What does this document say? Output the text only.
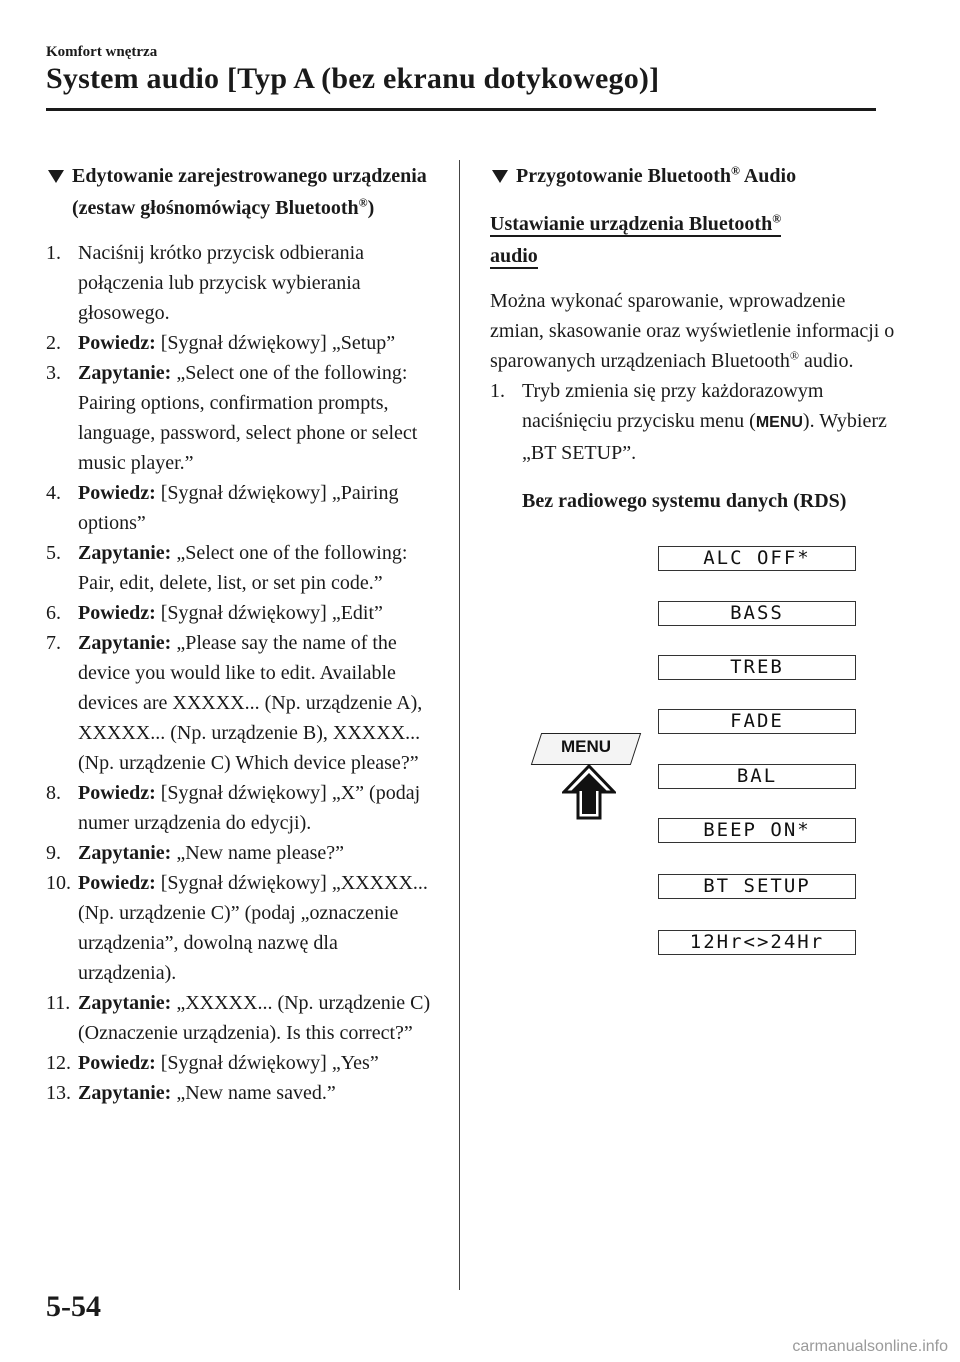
Komfort wnętrza
System audio [Typ A (bez ekranu dotykowego)]
Edytowanie zarejestrowanego urządzenia (zestaw głośnomówiący Bluetooth®)
1. Naciśnij krótko przycisk odbierania połączenia lub przycisk wybierania głosowego.
2. Powiedz: [Sygnał dźwiękowy] „Setup”
3. Zapytanie: „Select one of the following: Pairing options, confirmation prompts, language, password, select phone or select music player.”
4. Powiedz: [Sygnał dźwiękowy] „Pairing options”
5. Zapytanie: „Select one of the following: Pair, edit, delete, list, or set pin code.”
6. Powiedz: [Sygnał dźwiękowy] „Edit”
7. Zapytanie: „Please say the name of the device you would like to edit. Available devices are XXXXX... (Np. urządzenie A), XXXXX... (Np. urządzenie B), XXXXX... (Np. urządzenie C) Which device please?”
8. Powiedz: [Sygnał dźwiękowy] „X” (podaj numer urządzenia do edycji).
9. Zapytanie: „New name please?”
10. Powiedz: [Sygnał dźwiękowy] „XXXXX... (Np. urządzenie C)” (podaj „oznaczenie urządzenia”, dowolną nazwę dla urządzenia).
11. Zapytanie: „XXXXX... (Np. urządzenie C) (Oznaczenie urządzenia). Is this correct?”
12. Powiedz: [Sygnał dźwiękowy] „Yes”
13. Zapytanie: „New name saved.”
Przygotowanie Bluetooth® Audio
Ustawianie urządzenia Bluetooth® audio
Można wykonać sparowanie, wprowadzenie zmian, skasowanie oraz wyświetlenie informacji o sparowanych urządzeniach Bluetooth® audio.
1. Tryb zmienia się przy każdorazowym naciśnięciu przycisku menu (MENU). Wybierz „BT SETUP”.
Bez radiowego systemu danych (RDS)
ALC OFF*
BASS
TREB
FADE
BAL
BEEP ON*
BT SETUP
12Hr<>24Hr
MENU
5-54
carmanualsonline.info
